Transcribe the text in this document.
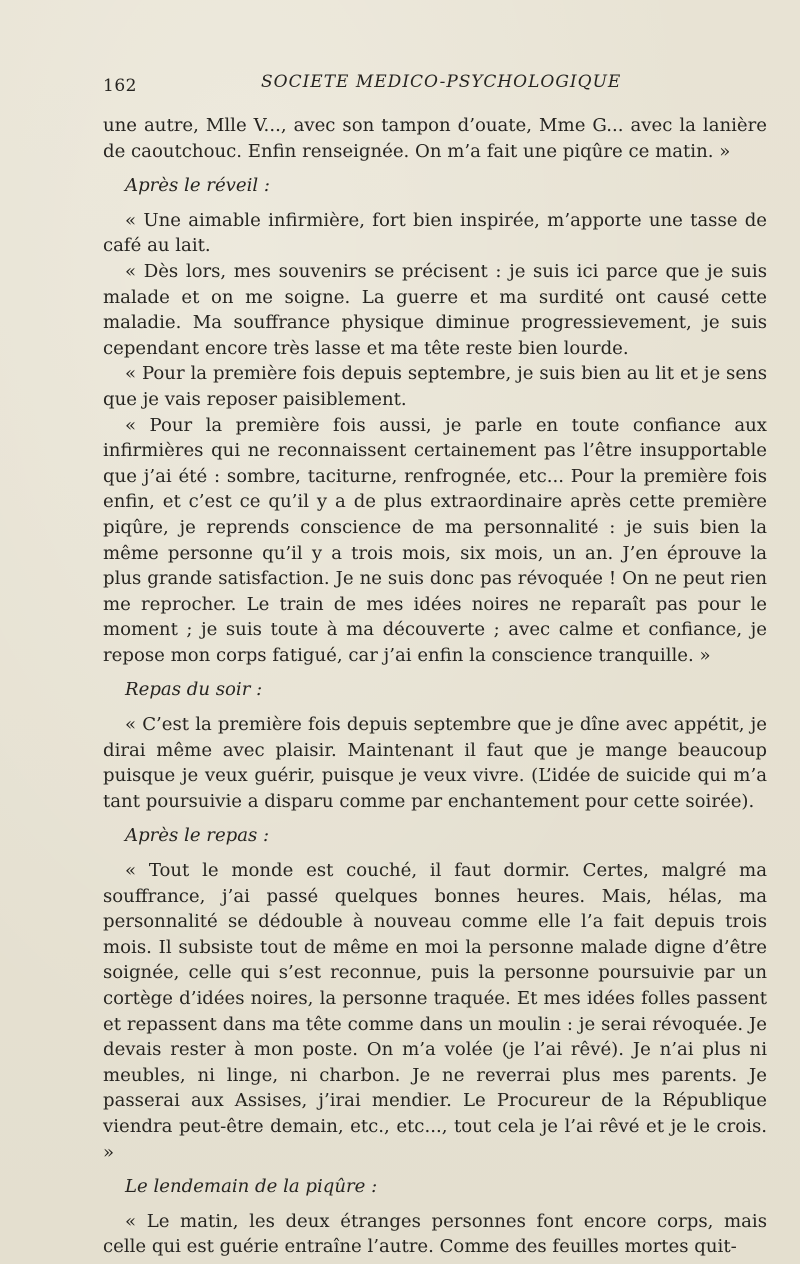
162	SOCIETE MEDICO-PSYCHOLOGIQUE

une autre, Mlle V..., avec son tampon d’ouate, Mme G... avec la lanière de caoutchouc. Enfin renseignée. On m’a fait une piqûre ce matin. »

Après le réveil :

« Une aimable infirmière, fort bien inspirée, m’apporte une tasse de café au lait.

« Dès lors, mes souvenirs se précisent : je suis ici parce que je suis malade et on me soigne. La guerre et ma surdité ont causé cette maladie. Ma souffrance physique diminue progressievement, je suis cependant encore très lasse et ma tête reste bien lourde.

« Pour la première fois depuis septembre, je suis bien au lit et je sens que je vais reposer paisiblement.

« Pour la première fois aussi, je parle en toute confiance aux infirmières qui ne reconnaissent certainement pas l’être insupportable que j’ai été : sombre, taciturne, renfrognée, etc... Pour la première fois enfin, et c’est ce qu’il y a de plus extraordinaire après cette première piqûre, je reprends conscience de ma personnalité : je suis bien la même personne qu’il y a trois mois, six mois, un an. J’en éprouve la plus grande satisfaction. Je ne suis donc pas révoquée ! On ne peut rien me reprocher. Le train de mes idées noires ne reparaît pas pour le moment ; je suis toute à ma découverte ; avec calme et confiance, je repose mon corps fatigué, car j’ai enfin la conscience tranquille. »

Repas du soir :

« C’est la première fois depuis septembre que je dîne avec appétit, je dirai même avec plaisir. Maintenant il faut que je mange beaucoup puisque je veux guérir, puisque je veux vivre. (L’idée de suicide qui m’a tant poursuivie a disparu comme par enchantement pour cette soirée).

Après le repas :

« Tout le monde est couché, il faut dormir. Certes, malgré ma souffrance, j’ai passé quelques bonnes heures. Mais, hélas, ma personnalité se dédouble à nouveau comme elle l’a fait depuis trois mois. Il subsiste tout de même en moi la personne malade digne d’être soignée, celle qui s’est reconnue, puis la personne poursuivie par un cortège d’idées noires, la personne traquée. Et mes idées folles passent et repassent dans ma tête comme dans un moulin : je serai révoquée. Je devais rester à mon poste. On m’a volée (je l’ai rêvé). Je n’ai plus ni meubles, ni linge, ni charbon. Je ne reverrai plus mes parents. Je passerai aux Assises, j’irai mendier. Le Procureur de la République viendra peut-être demain, etc., etc..., tout cela je l’ai rêvé et je le crois. »

Le lendemain de la piqûre :

« Le matin, les deux étranges personnes font encore corps, mais celle qui est guérie entraîne l’autre. Comme des feuilles mortes quit-
